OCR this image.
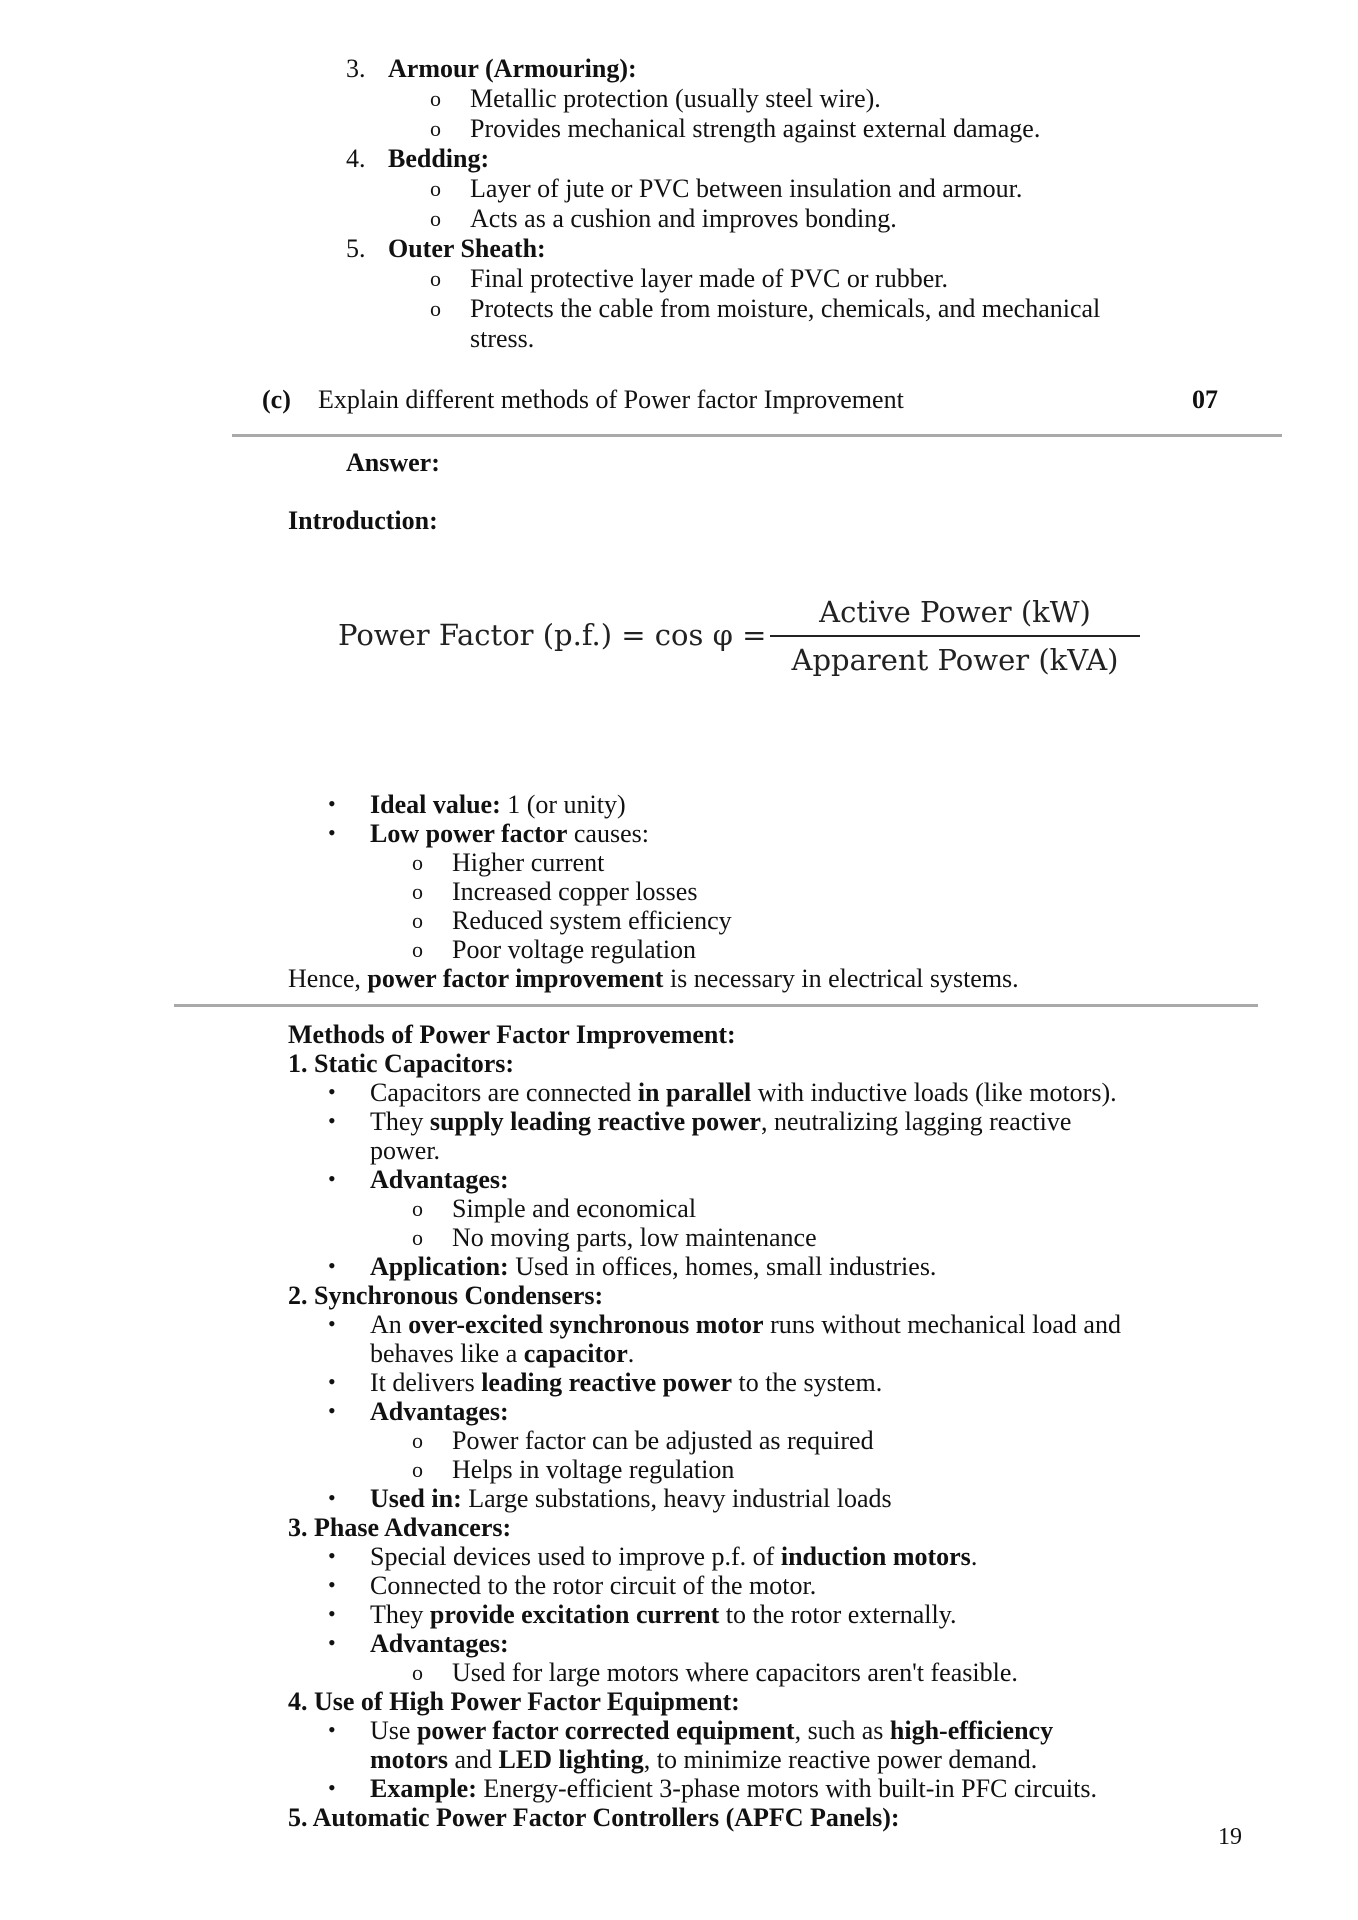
3. Armour (Armouring):
o Metallic protection (usually steel wire).
o Provides mechanical strength against external damage.
4. Bedding:
o Layer of jute or PVC between insulation and armour.
o Acts as a cushion and improves bonding.
5. Outer Sheath:
o Final protective layer made of PVC or rubber.
o Protects the cable from moisture, chemicals, and mechanical
stress.
(c) Explain different methods of Power factor Improvement	07
Answer:
Introduction:
Power Factor (p.f.) = cos φ =
Active Power (kW)
Apparent Power (kVA)
• Ideal value: 1 (or unity)
• Low power factor causes:
o Higher current
o Increased copper losses
o Reduced system efficiency
o Poor voltage regulation
Hence, power factor improvement is necessary in electrical systems.
Methods of Power Factor Improvement:
1. Static Capacitors:
• Capacitors are connected in parallel with inductive loads (like motors).
• They supply leading reactive power, neutralizing lagging reactive
power.
• Advantages:
o Simple and economical
o No moving parts, low maintenance
• Application: Used in offices, homes, small industries.
2. Synchronous Condensers:
• An over-excited synchronous motor runs without mechanical load and
behaves like a capacitor.
• It delivers leading reactive power to the system.
• Advantages:
o Power factor can be adjusted as required
o Helps in voltage regulation
• Used in: Large substations, heavy industrial loads
3. Phase Advancers:
• Special devices used to improve p.f. of induction motors.
• Connected to the rotor circuit of the motor.
• They provide excitation current to the rotor externally.
• Advantages:
o Used for large motors where capacitors aren't feasible.
4. Use of High Power Factor Equipment:
• Use power factor corrected equipment, such as high-efficiency
motors and LED lighting, to minimize reactive power demand.
• Example: Energy-efficient 3-phase motors with built-in PFC circuits.
5. Automatic Power Factor Controllers (APFC Panels):
19
